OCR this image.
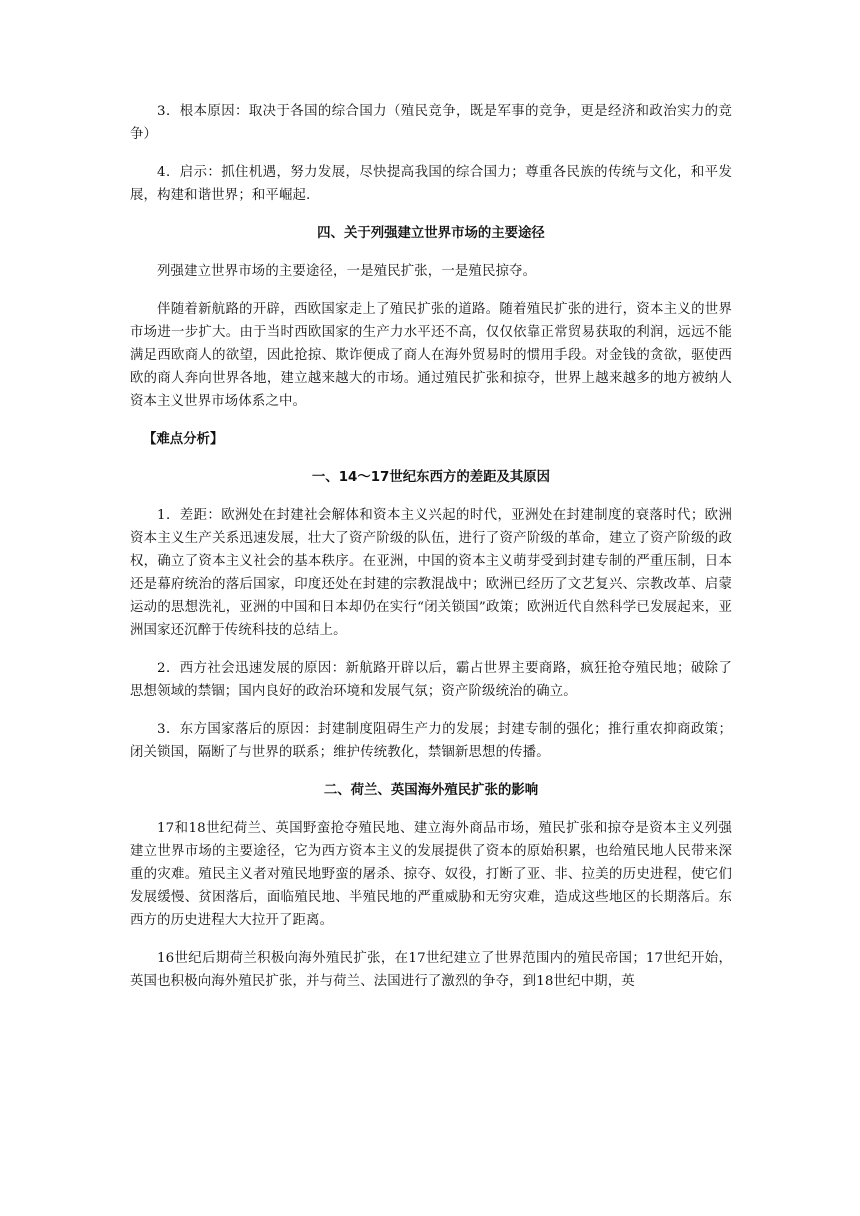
3．根本原因：取决于各国的综合国力（殖民竞争，既是军事的竞争，更是经济和政治实力的竞争）

4．启示：抓住机遇，努力发展，尽快提高我国的综合国力；尊重各民族的传统与文化，和平发展，构建和谐世界；和平崛起.

四、关于列强建立世界市场的主要途径

列强建立世界市场的主要途径，一是殖民扩张，一是殖民掠夺。

伴随着新航路的开辟，西欧国家走上了殖民扩张的道路。随着殖民扩张的进行，资本主义的世界市场进一步扩大。由于当时西欧国家的生产力水平还不高，仅仅依靠正常贸易获取的利润，远远不能满足西欧商人的欲望，因此抢掠、欺诈便成了商人在海外贸易时的惯用手段。对金钱的贪欲，驱使西欧的商人奔向世界各地，建立越来越大的市场。通过殖民扩张和掠夺，世界上越来越多的地方被纳人资本主义世界市场体系之中。

【难点分析】
一、14～17世纪东西方的差距及其原因

1．差距：欧洲处在封建社会解体和资本主义兴起的时代，亚洲处在封建制度的衰落时代；欧洲资本主义生产关系迅速发展，壮大了资产阶级的队伍，进行了资产阶级的革命，建立了资产阶级的政权，确立了资本主义社会的基本秩序。在亚洲，中国的资本主义萌芽受到封建专制的严重压制，日本还是幕府统治的落后国家，印度还处在封建的宗教混战中；欧洲已经历了文艺复兴、宗教改革、启蒙运动的思想洗礼，亚洲的中国和日本却仍在实行“闭关锁国”政策；欧洲近代自然科学已发展起来，亚洲国家还沉醉于传统科技的总结上。

2．西方社会迅速发展的原因：新航路开辟以后，霸占世界主要商路，疯狂抢夺殖民地；破除了思想领域的禁锢；国内良好的政治环境和发展气氛；资产阶级统治的确立。

3．东方国家落后的原因：封建制度阻碍生产力的发展；封建专制的强化；推行重农抑商政策；闭关锁国，隔断了与世界的联系；维护传统教化，禁锢新思想的传播。

二、荷兰、英国海外殖民扩张的影响

17和18世纪荷兰、英国野蛮抢夺殖民地、建立海外商品市场，殖民扩张和掠夺是资本主义列强建立世界市场的主要途径，它为西方资本主义的发展提供了资本的原始积累，也给殖民地人民带来深重的灾难。殖民主义者对殖民地野蛮的屠杀、掠夺、奴役，打断了亚、非、拉美的历史进程，使它们发展缓慢、贫困落后，面临殖民地、半殖民地的严重威胁和无穷灾难，造成这些地区的长期落后。东西方的历史进程大大拉开了距离。

16世纪后期荷兰积极向海外殖民扩张，在17世纪建立了世界范围内的殖民帝国；17世纪开始，英国也积极向海外殖民扩张，并与荷兰、法国进行了激烈的争夺，到18世纪中期，英
